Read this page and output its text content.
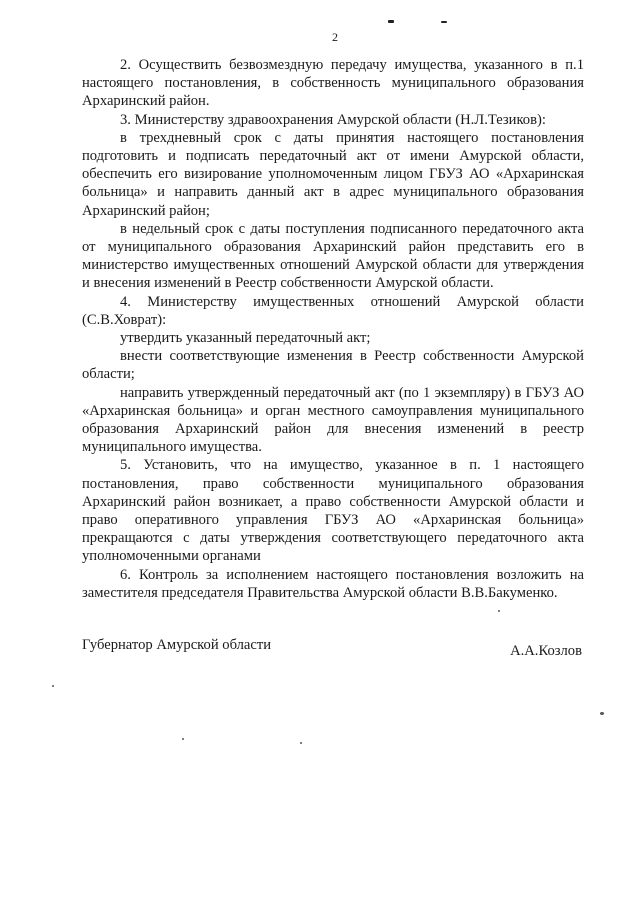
2

2. Осуществить безвозмездную передачу имущества, указанного в п.1 настоящего постановления, в собственность муниципального образования Архаринский район.

3. Министерству здравоохранения Амурской области (Н.Л.Тезиков):

в трехдневный срок с даты принятия настоящего постановления подготовить и подписать передаточный акт от имени Амурской области, обеспечить его визирование уполномоченным лицом ГБУЗ АО «Архаринская больница» и направить данный акт в адрес муниципального образования Архаринский район;

в недельный срок с даты поступления подписанного передаточного акта от муниципального образования Архаринский район представить его в министерство имущественных отношений Амурской области для утверждения и внесения изменений в Реестр собственности Амурской области.

4. Министерству имущественных отношений Амурской области (С.В.Ховрат):

утвердить указанный передаточный акт;

внести соответствующие изменения в Реестр собственности Амурской области;

направить утвержденный передаточный акт (по 1 экземпляру) в ГБУЗ АО «Архаринская больница» и орган местного самоуправления муниципального образования Архаринский район для внесения изменений в реестр муниципального имущества.

5. Установить, что на имущество, указанное в п. 1 настоящего постановления, право собственности муниципального образования Архаринский район возникает, а право собственности Амурской области и право оперативного управления ГБУЗ АО «Архаринская больница» прекращаются с даты утверждения соответствующего передаточного акта уполномоченными органами

6. Контроль за исполнением настоящего постановления возложить на заместителя председателя Правительства Амурской области В.В.Бакуменко.

Губернатор Амурской области	А.А.Козлов
